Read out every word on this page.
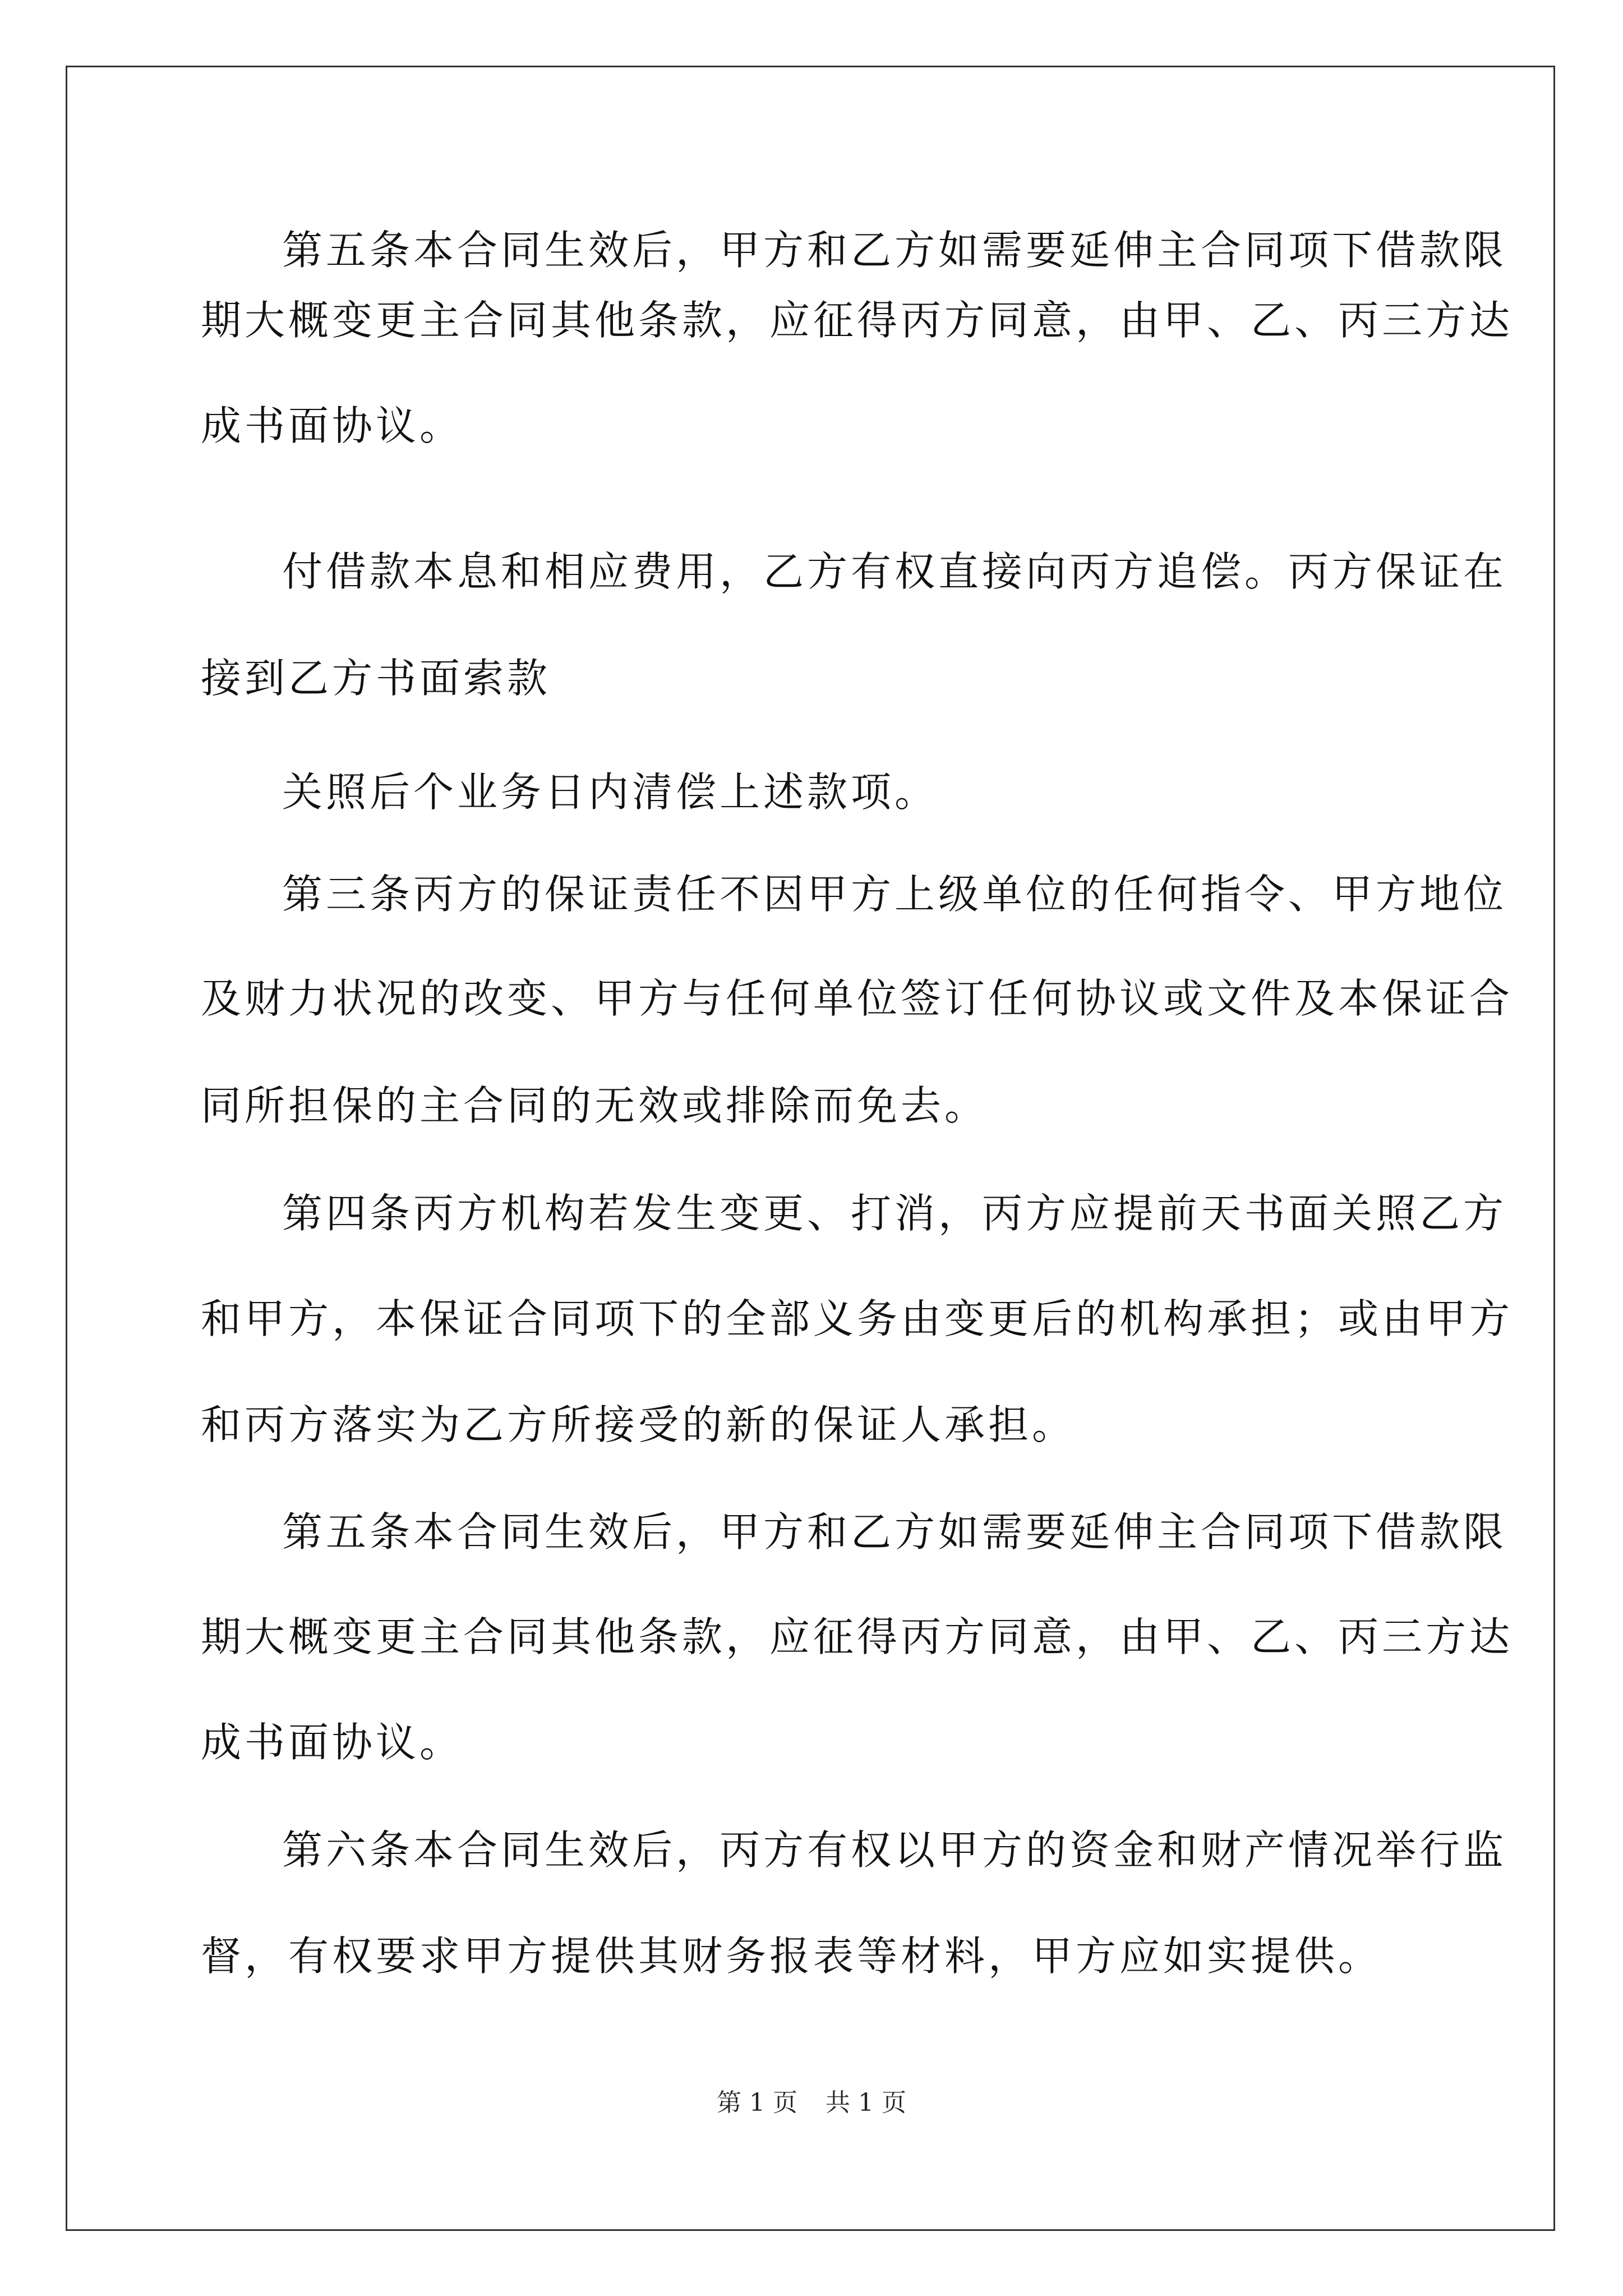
第五条本合同生效后，甲方和乙方如需要延伸主合同项下借款限
期大概变更主合同其他条款，应征得丙方同意，由甲、乙、丙三方达
成书面协议。
付借款本息和相应费用，乙方有权直接向丙方追偿。丙方保证在
接到乙方书面索款
关照后个业务日内清偿上述款项。
第三条丙方的保证责任不因甲方上级单位的任何指令、甲方地位
及财力状况的改变、甲方与任何单位签订任何协议或文件及本保证合
同所担保的主合同的无效或排除而免去。
第四条丙方机构若发生变更、打消，丙方应提前天书面关照乙方
和甲方，本保证合同项下的全部义务由变更后的机构承担；或由甲方
和丙方落实为乙方所接受的新的保证人承担。
第五条本合同生效后，甲方和乙方如需要延伸主合同项下借款限
期大概变更主合同其他条款，应征得丙方同意，由甲、乙、丙三方达
成书面协议。
第六条本合同生效后，丙方有权以甲方的资金和财产情况举行监
督，有权要求甲方提供其财务报表等材料，甲方应如实提供。
第 1 页 共 1 页
